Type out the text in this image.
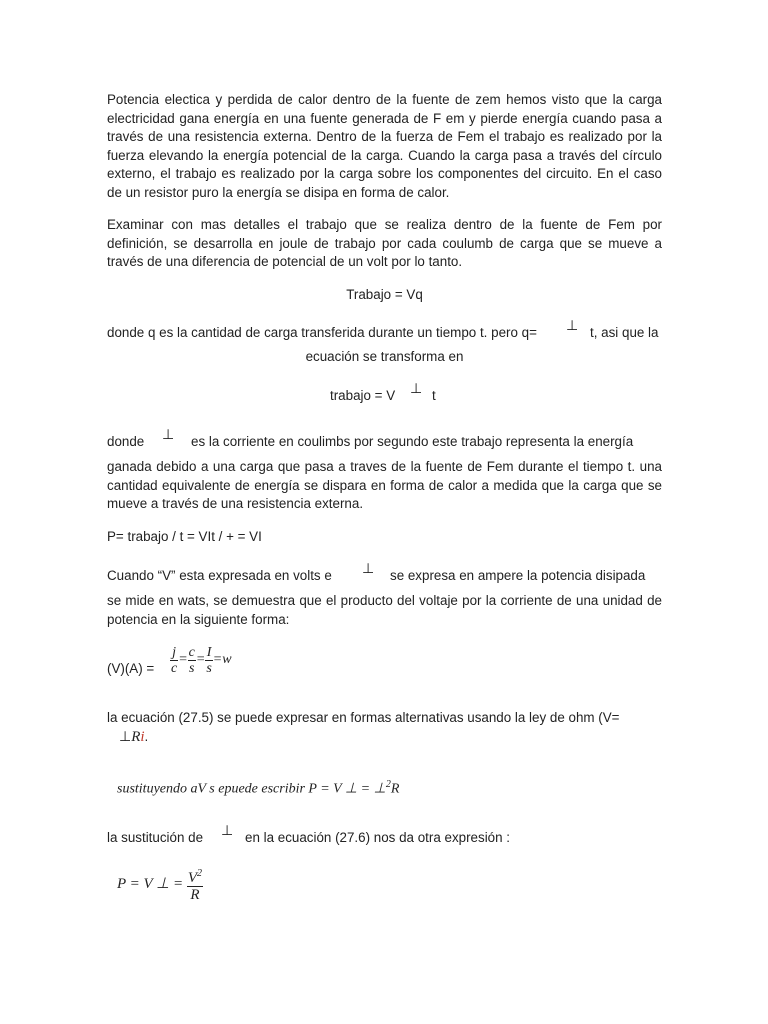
Potencia electica y perdida de calor dentro de la fuente de zem hemos visto que la carga electricidad gana energía en una fuente generada de F em y pierde energía cuando pasa a través de una resistencia externa. Dentro de la fuerza de Fem el trabajo es realizado por la fuerza elevando la energía potencial de la carga. Cuando la carga pasa a través del círculo externo, el trabajo es realizado por la carga sobre los componentes del circuito. En el caso de un resistor puro la energía se disipa en forma de calor.

Examinar con mas detalles el trabajo que se realiza dentro de la fuente de Fem por definición, se desarrolla en joule de trabajo por cada coulumb de carga que se mueve a través de una diferencia de potencial de un volt por lo tanto.

Trabajo = Vq
donde q es la cantidad de carga transferida durante un tiempo t. pero q= ⊥ t, asi que la
ecuación se transforma en
trabajo = V ⊥ t
donde ⊥ es la corriente en coulimbs por segundo este trabajo representa la energía

ganada debido a una carga que pasa a traves de la fuente de Fem durante el tiempo t. una cantidad equivalente de energía se dispara en forma de calor a medida que la carga que se mueve a través de una resistencia externa.

P= trabajo / t = VIt / + = VI
Cuando “V” esta expresada en volts e ⊥ se expresa en ampere la potencia disipada

se mide en wats, se demuestra que el producto del voltaje por la corriente de una unidad de potencia en la siguiente forma:

$(V)(A) = \frac{j}{c} = \frac{c}{s} = \frac{I}{s} =w$
la ecuación (27.5) se puede expresar en formas alternativas usando la ley de ohm (V=
⊥Ri.
sustituyendo aV s epuede escribir P = V ⊥ = ⊥$^2$R
la sustitución de ⊥ en la ecuación (27.6) nos da otra expresión :
P = V ⊥ = $\frac{V^2}{R}$
